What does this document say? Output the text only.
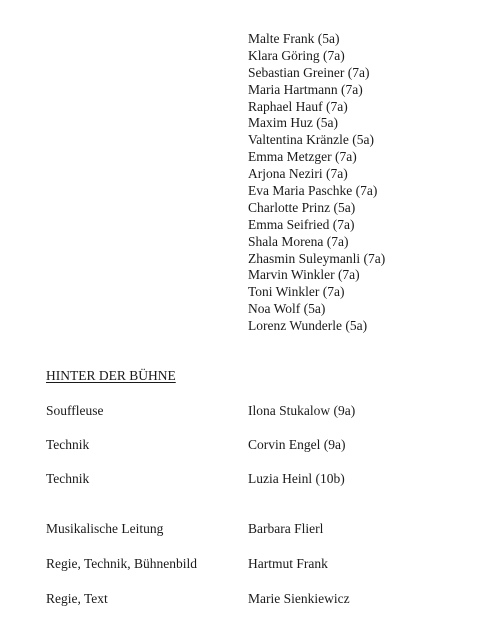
Malte Frank (5a)
Klara Göring (7a)
Sebastian Greiner (7a)
Maria Hartmann (7a)
Raphael Hauf (7a)
Maxim Huz (5a)
Valtentina Kränzle (5a)
Emma Metzger (7a)
Arjona Neziri (7a)
Eva Maria Paschke (7a)
Charlotte Prinz (5a)
Emma Seifried (7a)
Shala Morena (7a)
Zhasmin Suleymanli (7a)
Marvin Winkler (7a)
Toni Winkler (7a)
Noa Wolf (5a)
Lorenz Wunderle (5a)
HINTER DER BÜHNE
Souffleuse	Ilona Stukalow (9a)
Technik	Corvin Engel (9a)
Technik	Luzia Heinl (10b)
Musikalische Leitung	Barbara Flierl
Regie, Technik, Bühnenbild	Hartmut Frank
Regie, Text	Marie Sienkiewicz
